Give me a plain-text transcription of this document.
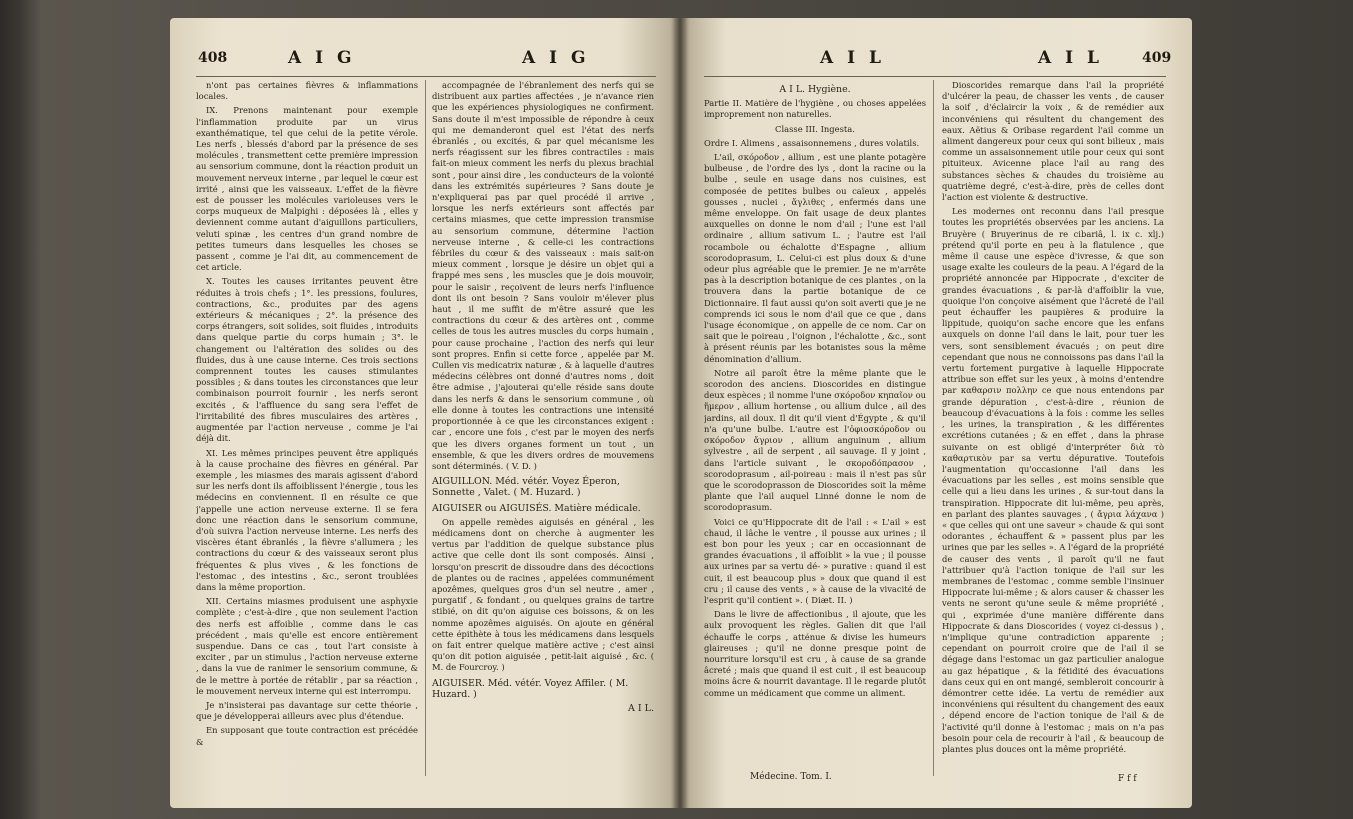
408	A I G	A I G

n'ont pas certaines fièvres & inflammations locales.

IX. Prenons maintenant pour exemple l'inflammation produite par un virus exanthématique, tel que celui de la petite vérole. Les nerfs , blessés d'abord par la présence de ses molécules , transmettent cette première impression au sensorium commune, dont la réaction produit un mouvement nerveux interne , par lequel le cœur est irrité , ainsi que les vaisseaux. L'effet de la fièvre est de pousser les molécules varioleuses vers le corps muqueux de Malpighi : déposées là , elles y deviennent comme autant d'aiguillons particuliers, veluti spinæ , les centres d'un grand nombre de petites tumeurs dans lesquelles les choses se passent , comme je l'ai dit, au commencement de cet article.

X. Toutes les causes irritantes peuvent être réduites à trois chefs ; 1°. les pressions, foulures, contractions, &c., produites par des agens extérieurs & mécaniques ; 2°. la présence des corps étrangers, soit solides, soit fluides , introduits dans quelque partie du corps humain ; 3°. le changement ou l'altération des solides ou des fluides, dus à une cause interne. Ces trois sections comprennent toutes les causes stimulantes possibles ; & dans toutes les circonstances que leur combinaison pourroit fournir , les nerfs seront excités , & l'affluence du sang sera l'effet de l'irritabilité des fibres musculaires des artères , augmentée par l'action nerveuse , comme je l'ai déjà dit.

XI. Les mêmes principes peuvent être appliqués à la cause prochaine des fièvres en général. Par exemple , les miasmes des marais agissent d'abord sur les nerfs dont ils affoiblissent l'énergie , tous les médecins en conviennent. Il en résulte ce que j'appelle une action nerveuse externe. Il se fera donc une réaction dans le sensorium commune, d'où suivra l'action nerveuse interne. Les nerfs des viscères étant ébranlés , la fièvre s'allumera ; les contractions du cœur & des vaisseaux seront plus fréquentes & plus vives , & les fonctions de l'estomac , des intestins , &c., seront troublées dans la même proportion.

XII. Certains miasmes produisent une asphyxie complète ; c'est-à-dire , que non seulement l'action des nerfs est affoiblie , comme dans le cas précédent , mais qu'elle est encore entièrement suspendue. Dans ce cas , tout l'art consiste à exciter , par un stimulus , l'action nerveuse externe , dans la vue de ranimer le sensorium commune, & de le mettre à portée de rétablir , par sa réaction , le mouvement nerveux interne qui est interrompu.

Je n'insisterai pas davantage sur cette théorie , que je développerai ailleurs avec plus d'étendue.

En supposant que toute contraction est précédée &

accompagnée de l'ébranlement des nerfs qui se distribuent aux parties affectées , je n'avance rien que les expériences physiologiques ne confirment. Sans doute il m'est impossible de répondre à ceux qui me demanderont quel est l'état des nerfs ébranlés , ou excités, & par quel mécanisme les nerfs réagissent sur les fibres contractiles : mais fait-on mieux comment les nerfs du plexus brachial sont , pour ainsi dire , les conducteurs de la volonté dans les extrémités supérieures ? Sans doute je n'expliquerai pas par quel procédé il arrive , lorsque les nerfs extérieurs sont affectés par certains miasmes, que cette impression transmise au sensorium commune, détermine l'action nerveuse interne , & celle-ci les contractions fébriles du cœur & des vaisseaux : mais sait-on mieux comment , lorsque je désire un objet qui a frappé mes sens , les muscles que je dois mouvoir, pour le saisir , reçoivent de leurs nerfs l'influence dont ils ont besoin ? Sans vouloir m'élever plus haut , il me suffit de m'être assuré que les contractions du cœur & des artères ont , comme celles de tous les autres muscles du corps humain , pour cause prochaine , l'action des nerfs qui leur sont propres. Enfin si cette force , appelée par M. Cullen vis medicatrix naturæ , & à laquelle d'autres médecins célèbres ont donné d'autres noms , doit être admise , j'ajouterai qu'elle réside sans doute dans les nerfs & dans le sensorium commune , où elle donne à toutes les contractions une intensité proportionnée à ce que les circonstances exigent : car , encore une fois , c'est par le moyen des nerfs que les divers organes forment un tout , un ensemble, & que les divers ordres de mouvemens sont déterminés. ( V. D. )

AIGUILLON. Méd. vétér. Voyez Éperon, Sonnette , Valet. ( M. Huzard. )

AIGUISER ou AIGUISÉS. Matière médicale.

On appelle remèdes aiguisés en général , les médicamens dont on cherche à augmenter les vertus par l'addition de quelque substance plus active que celle dont ils sont composés. Ainsi , lorsqu'on prescrit de dissoudre dans des décoctions de plantes ou de racines , appelées communément apozêmes, quelques gros d'un sel neutre , amer , purgatif , & fondant , ou quelques grains de tartre stibié, on dit qu'on aiguise ces boissons, & on les nomme apozêmes aiguisés. On ajoute en général cette épithète à tous les médicamens dans lesquels on fait entrer quelque matière active ; c'est ainsi qu'on dit potion aiguisée , petit-lait aiguisé , &c. ( M. de Fourcroy. )

AIGUISER. Méd. vétér. Voyez Affiler. ( M. Huzard. )

A I L.

A I L	A I L	409

A I L. Hygiène.

Partie II. Matière de l'hygiène , ou choses appelées improprement non naturelles.

Classe III. Ingesta.

Ordre I. Alimens , assaisonnemens , dures volatils.

L'ail, σκόροδον , allium , est une plante potagère bulbeuse , de l'ordre des lys , dont la racine ou la bulbe , seule en usage dans nos cuisines, est composée de petites bulbes ou caïeux , appelés gousses , nuclei , ἄγλιθες , enfermés dans une même enveloppe. On fait usage de deux plantes auxquelles on donne le nom d'ail ; l'une est l'ail ordinaire , allium sativum L. ; l'autre est l'ail rocambole ou échalotte d'Espagne , allium scorodoprasum, L. Celui-ci est plus doux & d'une odeur plus agréable que le premier. Je ne m'arrête pas à la description botanique de ces plantes , on la trouvera dans la partie botanique de ce Dictionnaire. Il faut aussi qu'on soit averti que je ne comprends ici sous le nom d'ail que ce que , dans l'usage économique , on appelle de ce nom. Car on sait que le poireau , l'oignon , l'échalotte , &c., sont à présent réunis par les botanistes sous la même dénomination d'allium.

Notre ail paroît être la même plante que le scorodon des anciens. Dioscorides en distingue deux espèces ; il nomme l'une σκόροδον κηπαῖον ou ἥμερον , allium hortense , ou allium dulce , ail des jardins, ail doux. Il dit qu'il vient d'Égypte , & qu'il n'a qu'une bulbe. L'autre est l'ὀφιοσκόροδον ou σκόροδον ἄγριον , allium anguinum , allium sylvestre , ail de serpent , ail sauvage. Il y joint , dans l'article suivant , le σκοροδόπρασον , scorodoprasum , ail-poireau : mais il n'est pas sûr que le scorodoprasson de Dioscorides soit la même plante que l'ail auquel Linné donne le nom de scorodoprasum.

Voici ce qu'Hippocrate dit de l'ail : « L'ail » est chaud, il lâche le ventre , il pousse aux urines ; il est bon pour les yeux ; car en occasionnant de grandes évacuations , il affoiblit » la vue ; il pousse aux urines par sa vertu dé- » purative : quand il est cuit, il est beaucoup plus » doux que quand il est cru ; il cause des vents , » à cause de la vivacité de l'esprit qu'il contient ». ( Diæt. II. )

Dans le livre de affectionibus , il ajoute, que les aulx provoquent les règles. Galien dit que l'ail échauffe le corps , atténue & divise les humeurs glaireuses ; qu'il ne donne presque point de nourriture lorsqu'il est cru , à cause de sa grande âcreté ; mais que quand il est cuit , il est beaucoup moins âcre & nourrit davantage. Il le regarde plutôt comme un médicament que comme un aliment.

Médecine. Tom. I.

Dioscorides remarque dans l'ail la propriété d'ulcérer la peau, de chasser les vents , de causer la soif , d'éclaircir la voix , & de remédier aux inconvéniens qui résultent du changement des eaux. Aëtius & Oribase regardent l'ail comme un aliment dangereux pour ceux qui sont bilieux , mais comme un assaisonnement utile pour ceux qui sont pituiteux. Avicenne place l'ail au rang des substances sèches & chaudes du troisième au quatrième degré, c'est-à-dire, près de celles dont l'action est violente & destructive.

Les modernes ont reconnu dans l'ail presque toutes les propriétés observées par les anciens. La Bruyère ( Bruyerinus de re cibariâ, l. ix c. xlj.) prétend qu'il porte en peu à la flatulence , que même il cause une espèce d'ivresse, & que son usage exalte les couleurs de la peau. A l'égard de la propriété annoncée par Hippocrate , d'exciter de grandes évacuations , & par-là d'affoiblir la vue, quoique l'on conçoive aisément que l'âcreté de l'ail peut échauffer les paupières & produire la lippitude, quoiqu'on sache encore que les enfans auxquels on donne l'ail dans le lait, pour tuer les vers, sont sensiblement évacués ; on peut dire cependant que nous ne connoissons pas dans l'ail la vertu fortement purgative à laquelle Hippocrate attribue son effet sur les yeux , à moins d'entendre par καθαρσιν πολλην ce que nous entendons par grande dépuration , c'est-à-dire , réunion de beaucoup d'évacuations à la fois : comme les selles , les urines, la transpiration , & les différentes excrétions cutanées ; & en effet , dans la phrase suivante on est obligé d'interpréter διὰ τὸ καθαρτικὸν par sa vertu dépurative. Toutefois l'augmentation qu'occasionne l'ail dans les évacuations par les selles , est moins sensible que celle qui a lieu dans les urines , & sur-tout dans la transpiration. Hippocrate dit lui-même, peu après, en parlant des plantes sauvages , ( ἄγρια λάχανα ) « que celles qui ont une saveur » chaude & qui sont odorantes , échauffent & » passent plus par les urines que par les selles ». A l'égard de la propriété de causer des vents , il paroît qu'il ne faut l'attribuer qu'à l'action tonique de l'ail sur les membranes de l'estomac , comme semble l'insinuer Hippocrate lui-même ; & alors causer & chasser les vents ne seront qu'une seule & même propriété , qui , exprimée d'une manière différente dans Hippocrate & dans Dioscorides ( voyez ci-dessus ) , n'implique qu'une contradiction apparente ; cependant on pourroit croire que de l'ail il se dégage dans l'estomac un gaz particulier analogue au gaz hépatique , & la fétidité des évacuations dans ceux qui en ont mangé, sembleroit concourir à démontrer cette idée. La vertu de remédier aux inconvéniens qui résultent du changement des eaux , dépend encore de l'action tonique de l'ail & de l'activité qu'il donne à l'estomac ; mais on n'a pas besoin pour cela de recourir à l'ail , & beaucoup de plantes plus douces ont la même propriété.

F f f
